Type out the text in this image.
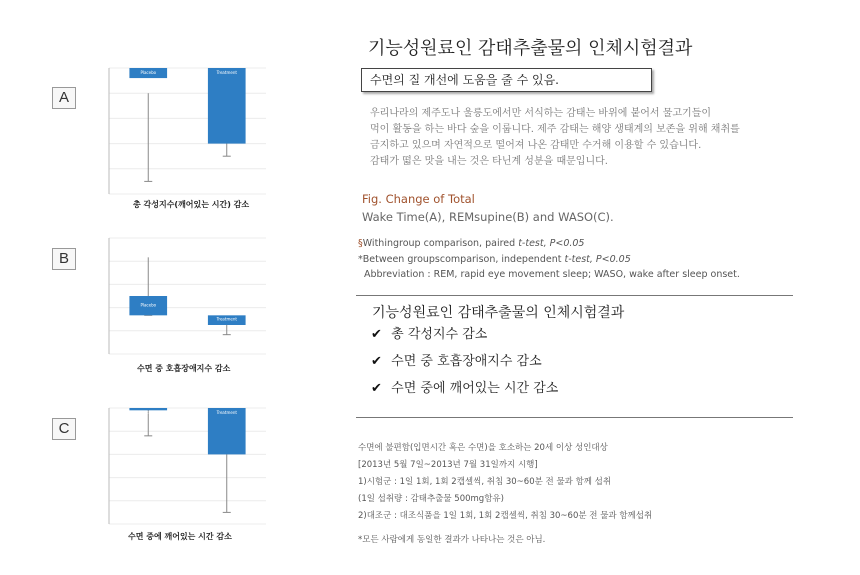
A
B
C
Placebo	Treatment
Placebo
Treatment
Placebo	Treatment
총 각성지수(깨어있는 시간) 감소
수면 중 호흡장애지수 감소
수면 중에 깨어있는 시간 감소
기능성원료인 감태추출물의 인체시험결과
수면의 질 개선에 도움을 줄 수 있음.
우리나라의 제주도나 울릉도에서만 서식하는 감태는 바위에 붙어서 물고기들이
먹이 활동을 하는 바다 숲을 이룹니다. 제주 감태는 해양 생태계의 보존을 위해 채취를
금지하고 있으며 자연적으로 떨어져 나온 감태만 수거해 이용할 수 있습니다.
감태가 떫은 맛을 내는 것은 타닌계 성분을 때문입니다.
Fig. Change of Total
Wake Time(A), REMsupine(B) and WASO(C).
§Withingroup comparison, paired t-test, P<0.05
*Between groupscomparison, independent t-test, P<0.05
Abbreviation : REM, rapid eye movement sleep; WASO, wake after sleep onset.
기능성원료인 감태추출물의 인체시험결과
✔ 총 각성지수 감소
✔ 수면 중 호흡장애지수 감소
✔ 수면 중에 깨어있는 시간 감소
수면에 불편함(입면시간 혹은 수면)을 호소하는 20세 이상 성인대상
[2013년 5월 7일~2013년 7월 31일까지 시행]
1)시험군 : 1일 1회, 1회 2캡셀씩, 취침 30~60분 전 물과 함께 섭취
(1일 섭취량 : 감태추출물 500mg함유)
2)대조군 : 대조식품을 1일 1회, 1회 2캡셀씩, 취침 30~60분 전 물과 함께섭취
*모든 사람에게 동일한 결과가 나타나는 것은 아님.
